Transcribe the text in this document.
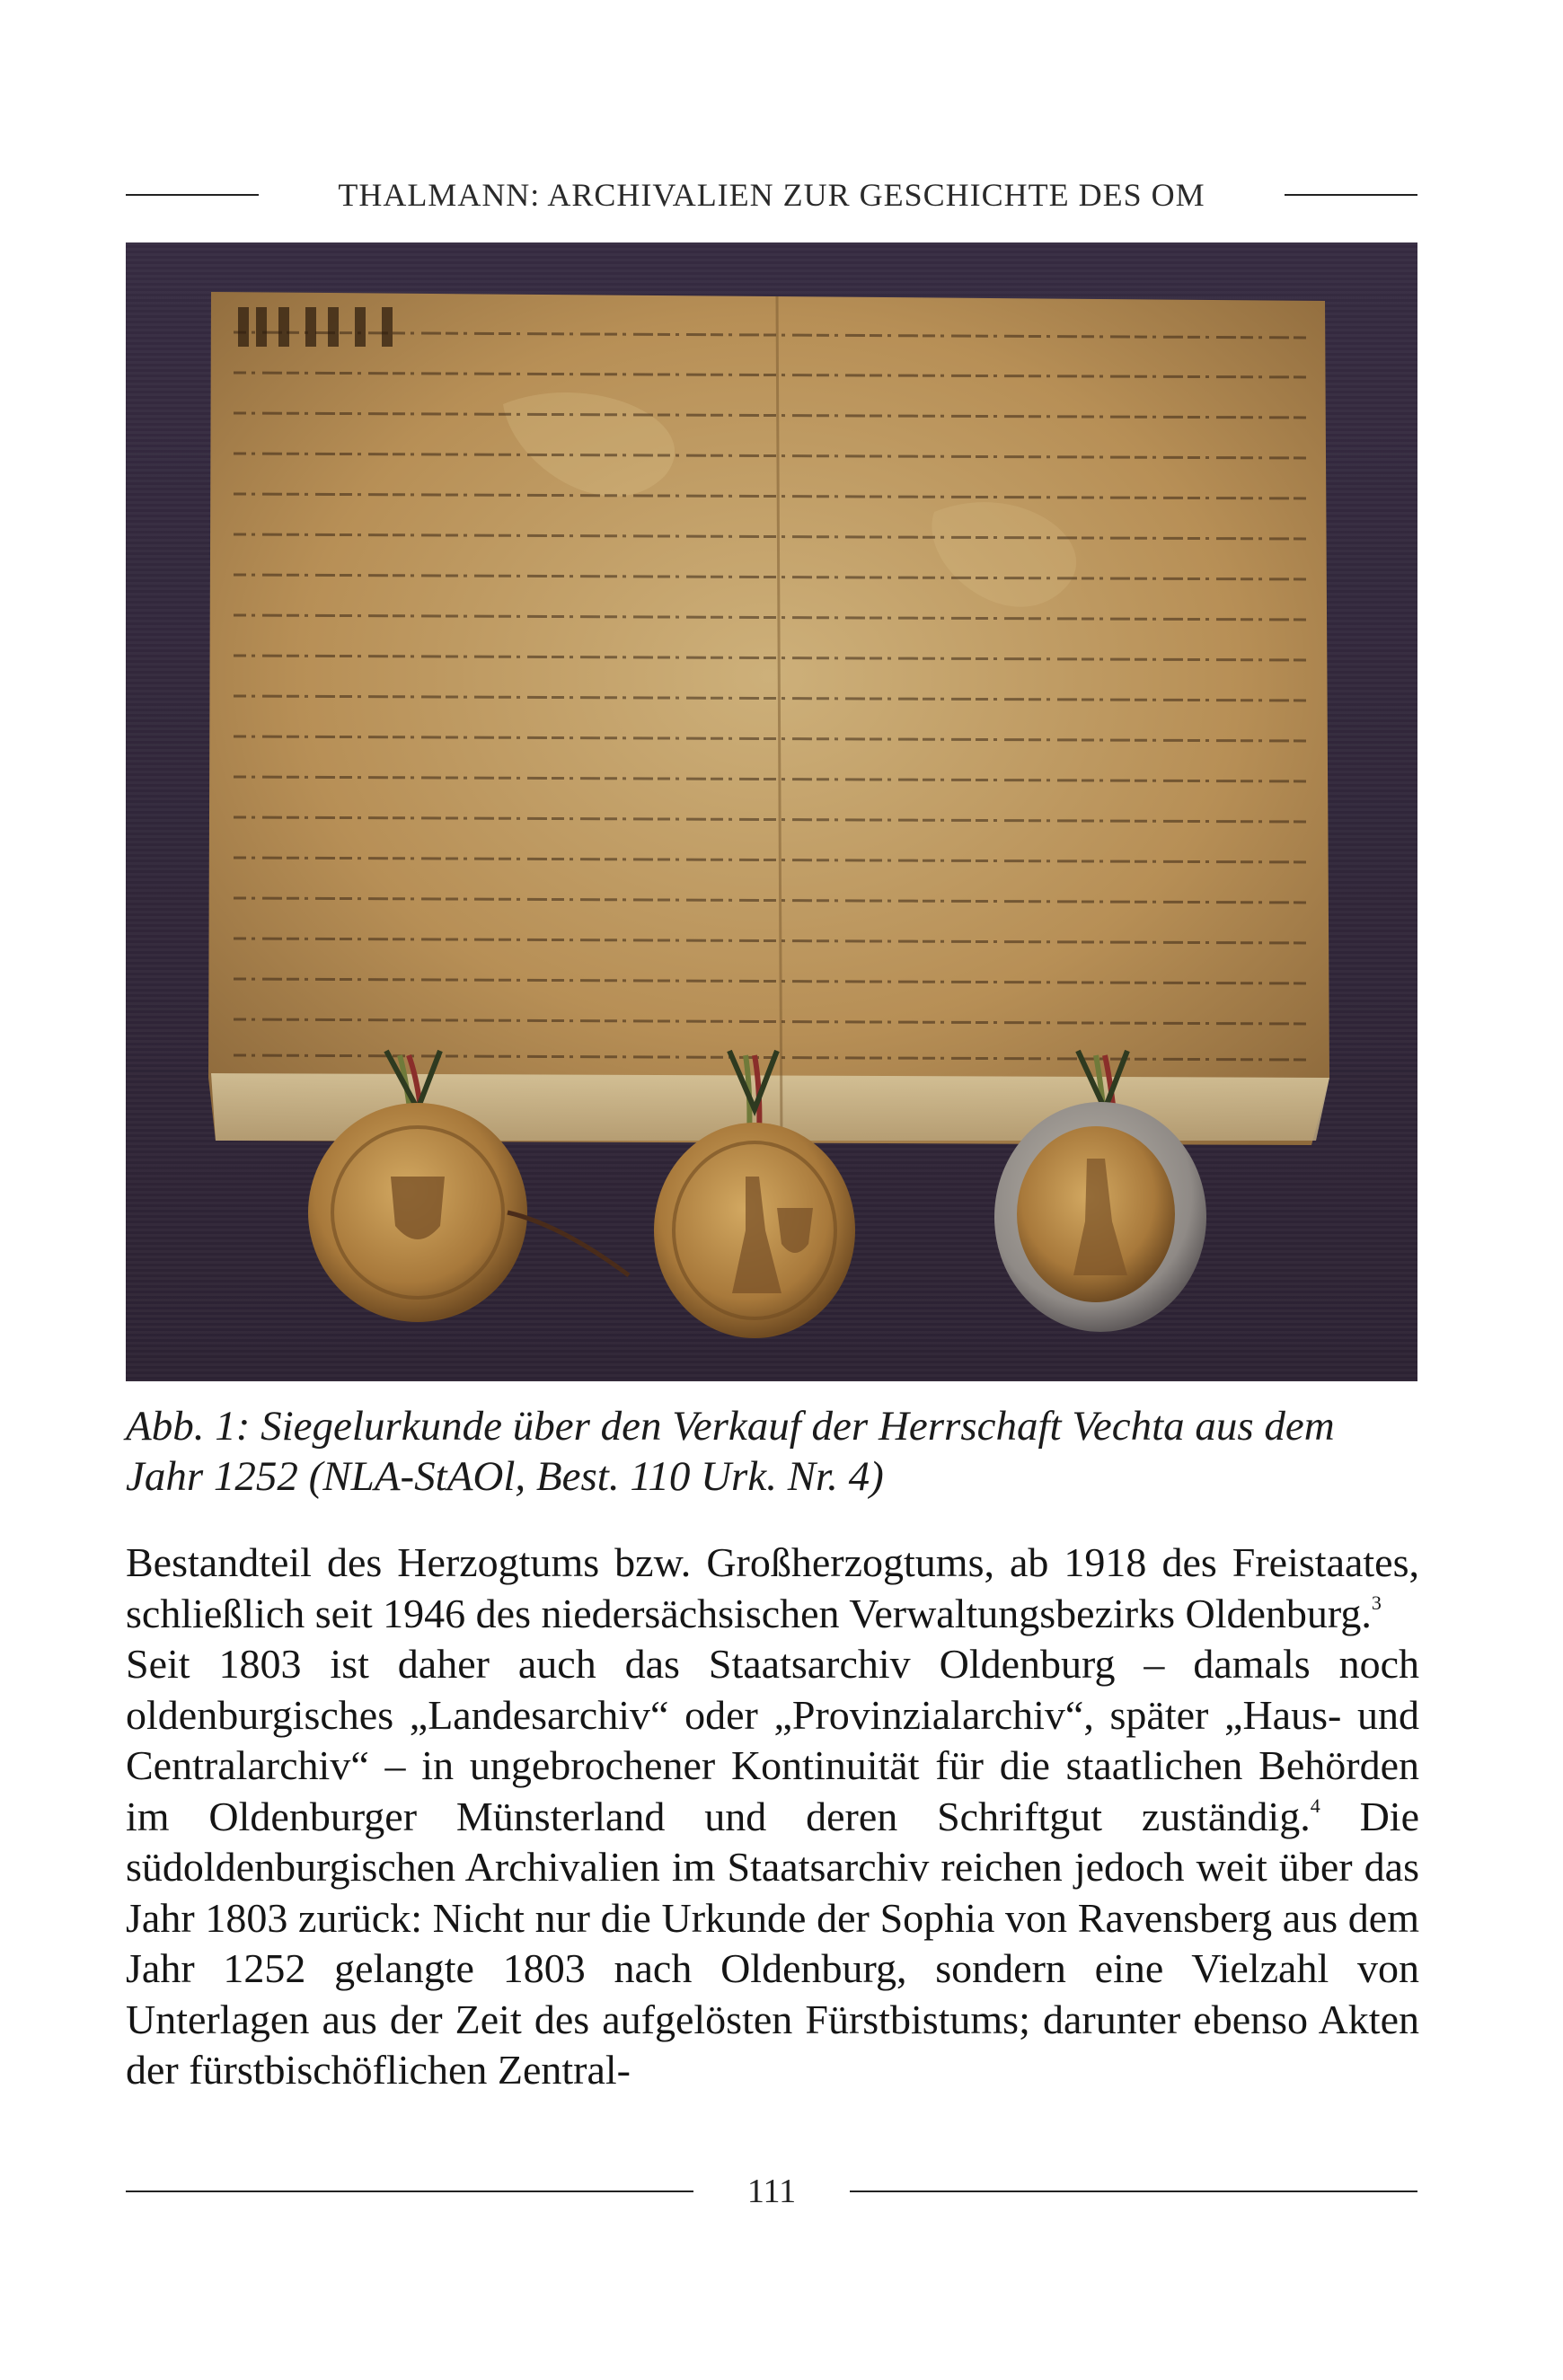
THALMANN: ARCHIVALIEN ZUR GESCHICHTE DES OM
Abb. 1: Siegelurkunde über den Verkauf der Herrschaft Vechta aus dem Jahr 1252 (NLA-StAOl, Best. 110 Urk. Nr. 4)

Bestandteil des Herzogtums bzw. Großherzogtums, ab 1918 des Freistaates, schließlich seit 1946 des niedersächsischen Verwaltungsbezirks Oldenburg.$^3$

Seit 1803 ist daher auch das Staatsarchiv Oldenburg – damals noch oldenburgisches „Landesarchiv“ oder „Provinzialarchiv“, später „Haus- und Centralarchiv“ – in ungebrochener Kontinuität für die staatlichen Behörden im Oldenburger Münsterland und deren Schriftgut zuständig.$^4$ Die südoldenburgischen Archivalien im Staatsarchiv reichen jedoch weit über das Jahr 1803 zurück: Nicht nur die Urkunde der Sophia von Ravensberg aus dem Jahr 1252 gelangte 1803 nach Oldenburg, sondern eine Vielzahl von Unterlagen aus der Zeit des aufgelösten Fürstbistums; darunter ebenso Akten der fürstbischöflichen Zentral-

111
